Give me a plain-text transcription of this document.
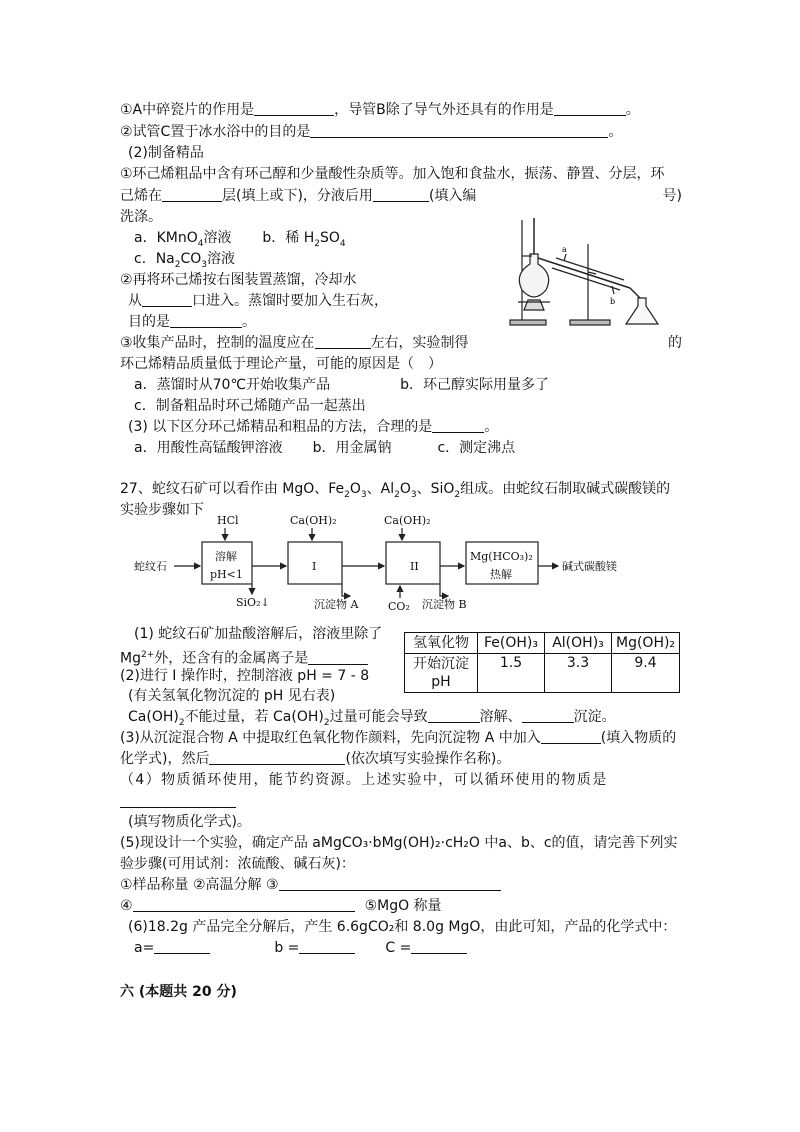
①A中碎瓷片的作用是	，导管B除了导气外还具有的作用是	。
②试管C置于冰水浴中的目的是	。
(2)制备精品
①环己烯粗品中含有环己醇和少量酸性杂质等。加入饱和食盐水，振荡、静置、分层，环
己烯在	层(填上或下)，分液后用	(填入编	号)
洗涤。
a．KMnO$_4$溶液 b．稀 $H_2SO_4$
c．$Na_2CO_3$溶液
②再将环己烯按右图装置蒸馏，冷却水
从	口进入。蒸馏时要加入生石灰，
目的是	。
③收集产品时，控制的温度应在	左右，实验制得	的
环己烯精品质量低于理论产量，可能的原因是（　）
a．蒸馏时从70℃开始收集产品	b．环己醇实际用量多了
c．制备粗品时环己烯随产品一起蒸出
(3) 以下区分环己烯精品和粗品的方法，合理的是	。
a．用酸性高锰酸钾溶液 b．用金属钠	c．测定沸点
a
b
27、蛇纹石矿可以看作由 MgO、$Fe_2O_3$、$Al_2O_3$、SiO$_2$组成。由蛇纹石制取碱式碳酸镁的
实验步骤如下
蛇纹石
溶解
pH<1
HCl
SiO₂↓
I
Ca(OH)₂
沉淀物 A
II
Ca(OH)₂
CO₂ 沉淀物 B
Mg(HCO₃)₂
热解
碱式碳酸镁
(1) 蛇纹石矿加盐酸溶解后，溶液里除了
$Mg^{2+}$外，还含有的金属离子是
(2)进行 I 操作时，控制溶液 pH = 7 - 8
(有关氢氧化物沉淀的 pH 见右表)
氢氧化物	Fe(OH)₃	Al(OH)₃	Mg(OH)₂
开始沉淀
pH	1.5	3.3	9.4
$Ca(OH)_2$不能过量，若 $Ca(OH)_2$过量可能会导致	溶解、	沉淀。
(3)从沉淀混合物 A 中提取红色氧化物作颜料，先向沉淀物 A 中加入	(填入物质的
化学式)，然后	(依次填写实验操作名称)。
（4）物质循环使用，能节约资源。上述实验中，可以循环使用的物质是
(填写物质化学式)。
(5)现设计一个实验，确定产品 aMgCO₃·bMg(OH)₂·cH₂O 中a、b、c的值，请完善下列实
验步骤(可用试剂：浓硫酸、碱石灰)：
①样品称量 ②高温分解 ③
④	⑤MgO 称量
(6)18.2g 产品完全分解后，产生 6.6gCO₂和 8.0g MgO，由此可知，产品的化学式中：
a=	b =	C =
六 (本题共 20 分)
